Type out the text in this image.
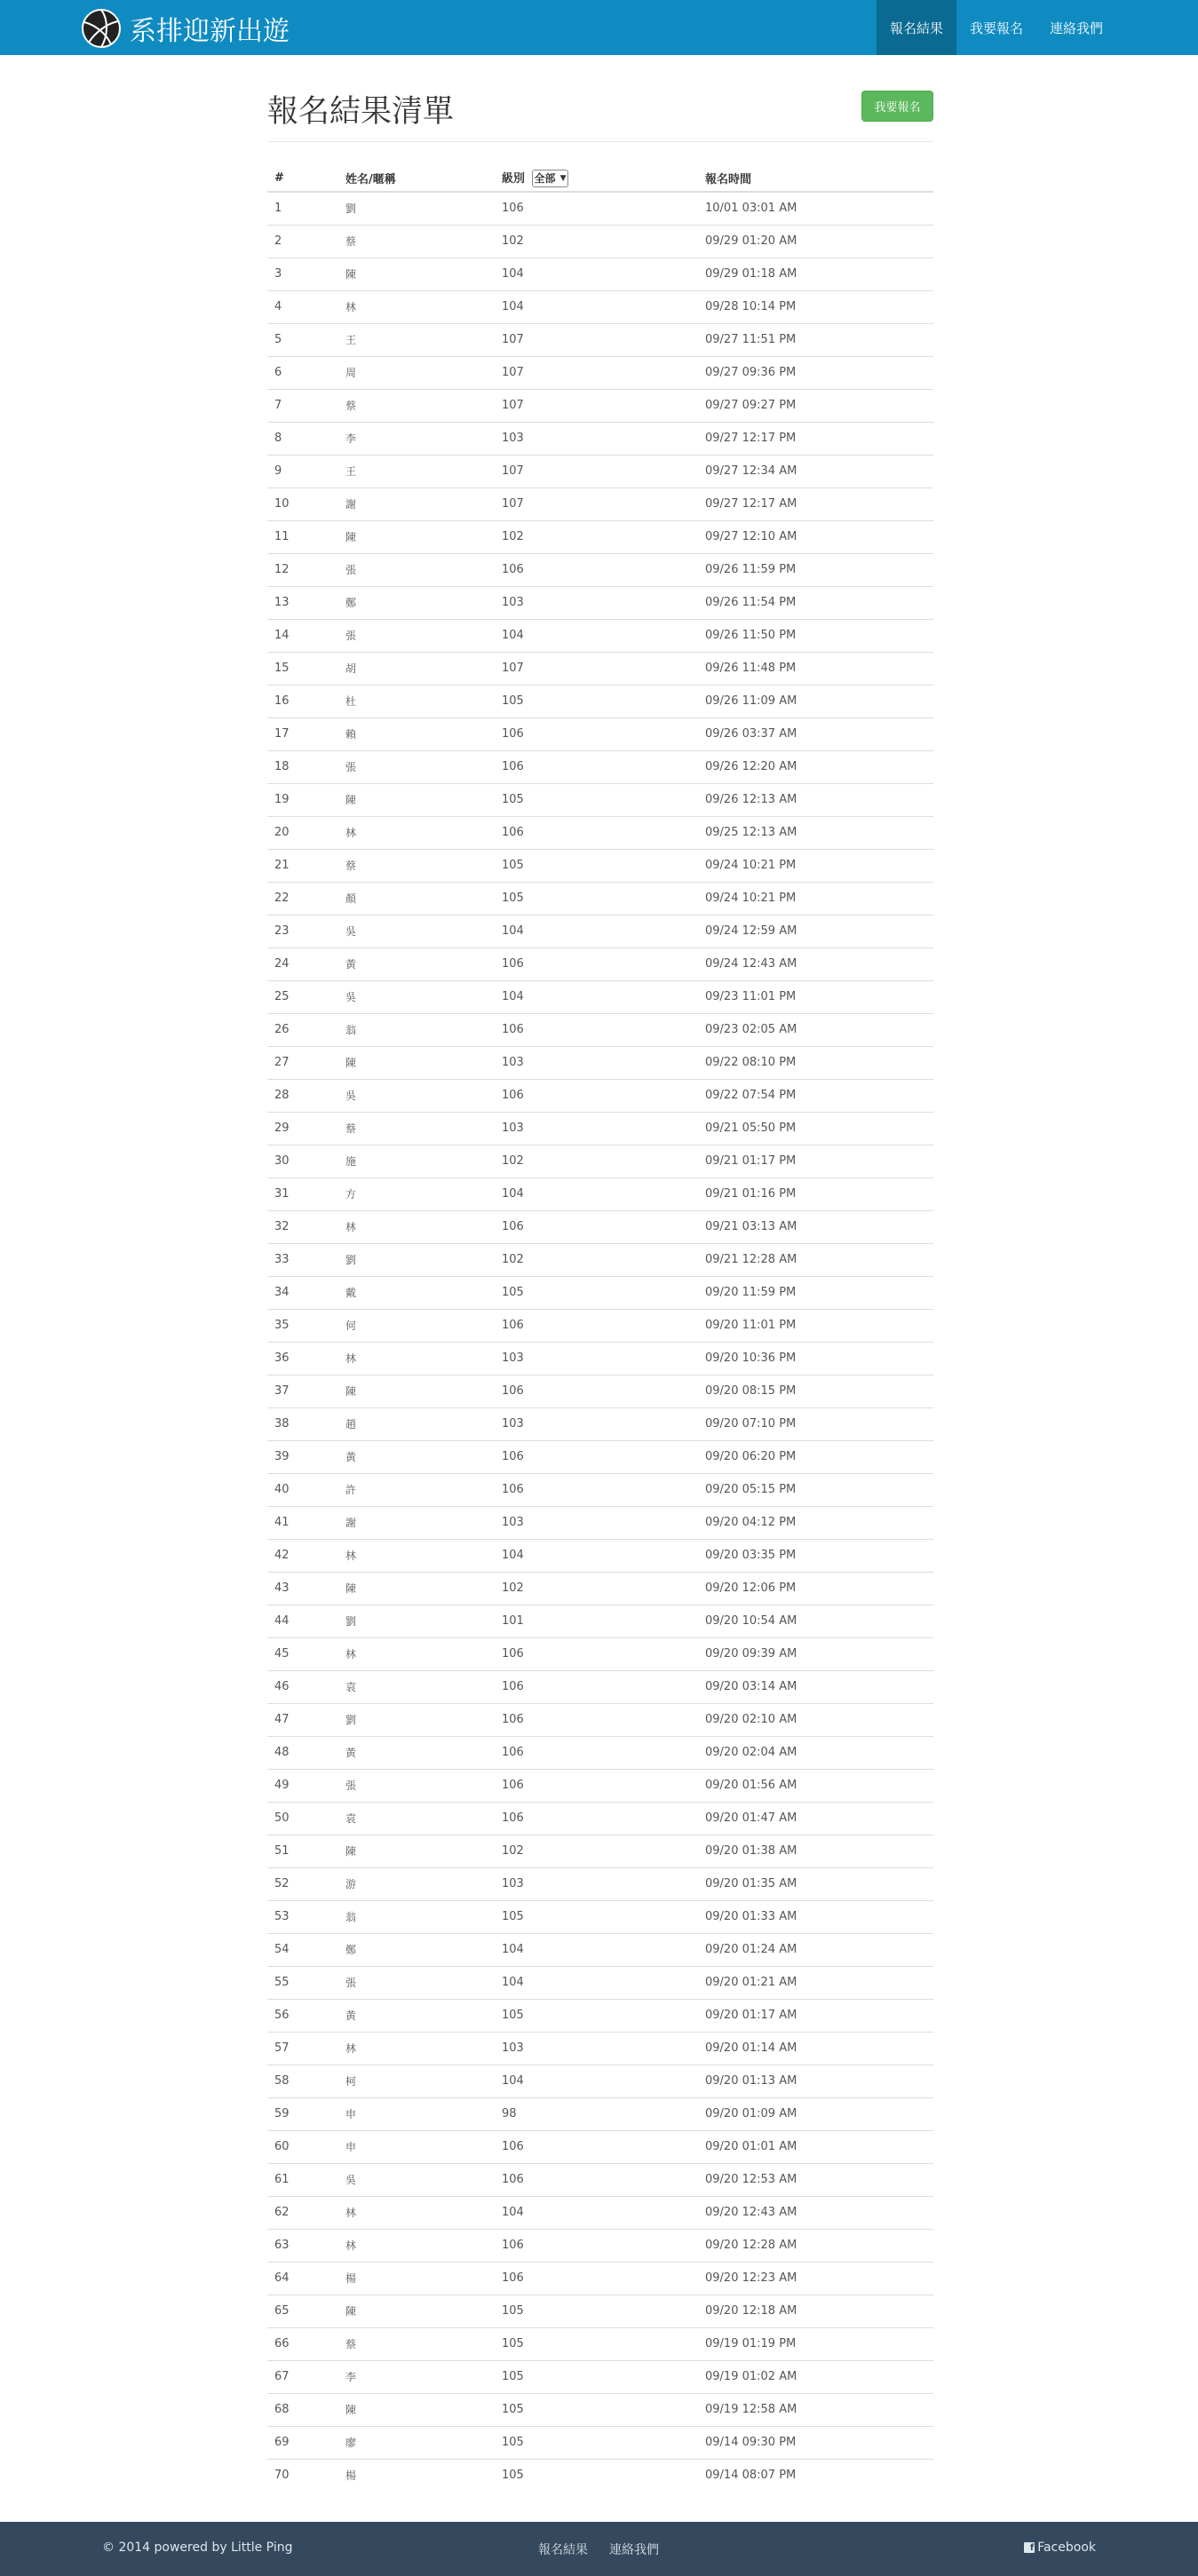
系排迎新出遊	報名結果	我要報名	連絡我們
報名結果清單	我要報名
#	姓名/暱稱	級別 全部 ▼	報名時間
1	劉	106	10/01 03:01 AM
2	蔡	102	09/29 01:20 AM
3	陳	104	09/29 01:18 AM
4	林	104	09/28 10:14 PM
5	王	107	09/27 11:51 PM
6	周	107	09/27 09:36 PM
7	蔡	107	09/27 09:27 PM
8	李	103	09/27 12:17 PM
9	王	107	09/27 12:34 AM
10	謝	107	09/27 12:17 AM
11	陳	102	09/27 12:10 AM
12	張	106	09/26 11:59 PM
13	鄭	103	09/26 11:54 PM
14	張	104	09/26 11:50 PM
15	胡	107	09/26 11:48 PM
16	杜	105	09/26 11:09 AM
17	賴	106	09/26 03:37 AM
18	張	106	09/26 12:20 AM
19	陳	105	09/26 12:13 AM
20	林	106	09/25 12:13 AM
21	蔡	105	09/24 10:21 PM
22	顏	105	09/24 10:21 PM
23	吳	104	09/24 12:59 AM
24	黃	106	09/24 12:43 AM
25	吳	104	09/23 11:01 PM
26	翁	106	09/23 02:05 AM
27	陳	103	09/22 08:10 PM
28	吳	106	09/22 07:54 PM
29	蔡	103	09/21 05:50 PM
30	施	102	09/21 01:17 PM
31	方	104	09/21 01:16 PM
32	林	106	09/21 03:13 AM
33	劉	102	09/21 12:28 AM
34	戴	105	09/20 11:59 PM
35	何	106	09/20 11:01 PM
36	林	103	09/20 10:36 PM
37	陳	106	09/20 08:15 PM
38	趙	103	09/20 07:10 PM
39	黃	106	09/20 06:20 PM
40	許	106	09/20 05:15 PM
41	謝	103	09/20 04:12 PM
42	林	104	09/20 03:35 PM
43	陳	102	09/20 12:06 PM
44	劉	101	09/20 10:54 AM
45	林	106	09/20 09:39 AM
46	袁	106	09/20 03:14 AM
47	劉	106	09/20 02:10 AM
48	黃	106	09/20 02:04 AM
49	張	106	09/20 01:56 AM
50	袁	106	09/20 01:47 AM
51	陳	102	09/20 01:38 AM
52	游	103	09/20 01:35 AM
53	翁	105	09/20 01:33 AM
54	鄭	104	09/20 01:24 AM
55	張	104	09/20 01:21 AM
56	黃	105	09/20 01:17 AM
57	林	103	09/20 01:14 AM
58	柯	104	09/20 01:13 AM
59	申	98	09/20 01:09 AM
60	申	106	09/20 01:01 AM
61	吳	106	09/20 12:53 AM
62	林	104	09/20 12:43 AM
63	林	106	09/20 12:28 AM
64	楊	106	09/20 12:23 AM
65	陳	105	09/20 12:18 AM
66	蔡	105	09/19 01:19 PM
67	李	105	09/19 01:02 AM
68	陳	105	09/19 12:58 AM
69	廖	105	09/14 09:30 PM
70	楊	105	09/14 08:07 PM
© 2014 powered by Little Ping	報名結果 連絡我們	f Facebook
